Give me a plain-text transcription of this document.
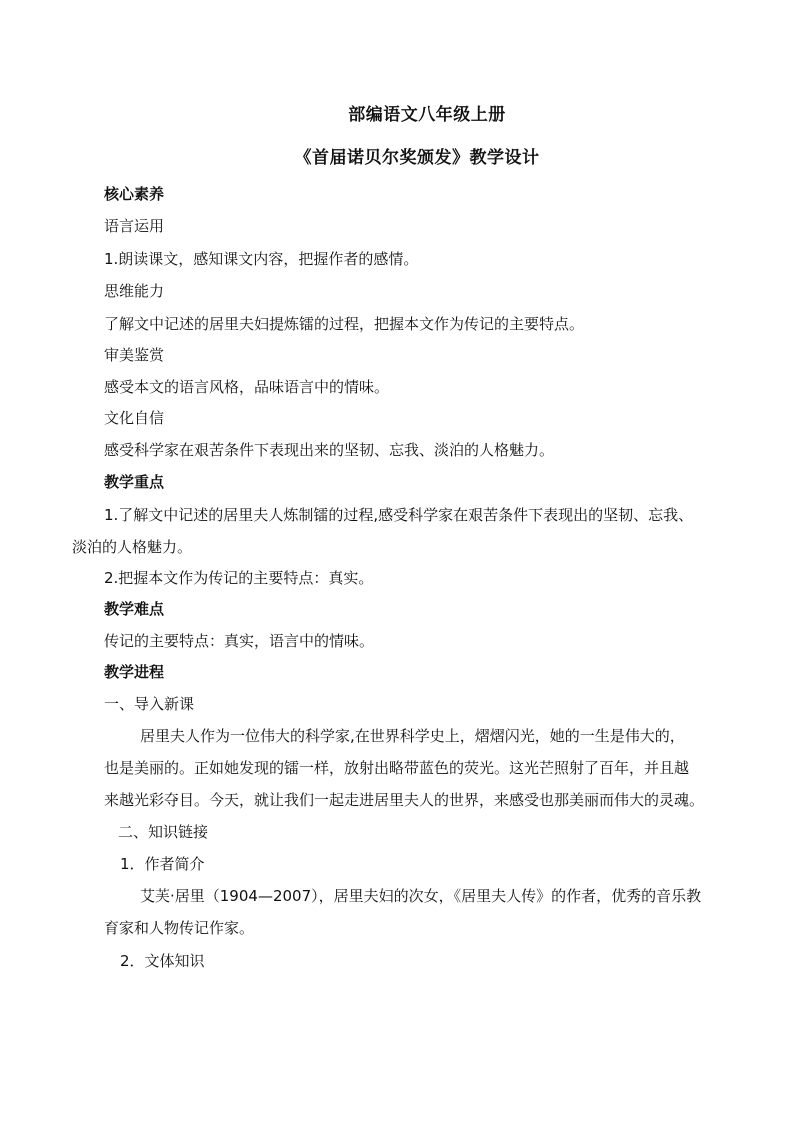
部编语文八年级上册
《首届诺贝尔奖颁发》教学设计
核心素养
语言运用
1.朗读课文，感知课文内容，把握作者的感情。
思维能力
了解文中记述的居里夫妇提炼镭的过程，把握本文作为传记的主要特点。
审美鉴赏
感受本文的语言风格，品味语言中的情味。
文化自信
感受科学家在艰苦条件下表现出来的坚韧、忘我、淡泊的人格魅力。
教学重点
1.了解文中记述的居里夫人炼制镭的过程,感受科学家在艰苦条件下表现出的坚韧、忘我、
淡泊的人格魅力。
2.把握本文作为传记的主要特点：真实。
教学难点
传记的主要特点：真实，语言中的情味。
教学进程
一、导入新课
居里夫人作为一位伟大的科学家,在世界科学史上，熠熠闪光，她的一生是伟大的，
也是美丽的。正如她发现的镭一样，放射出略带蓝色的荧光。这光芒照射了百年，并且越
来越光彩夺目。今天，就让我们一起走进居里夫人的世界，来感受也那美丽而伟大的灵魂。
二、知识链接
1．作者简介
艾芙·居里（1904—2007），居里夫妇的次女，《居里夫人传》的作者，优秀的音乐教
育家和人物传记作家。
2．文体知识
